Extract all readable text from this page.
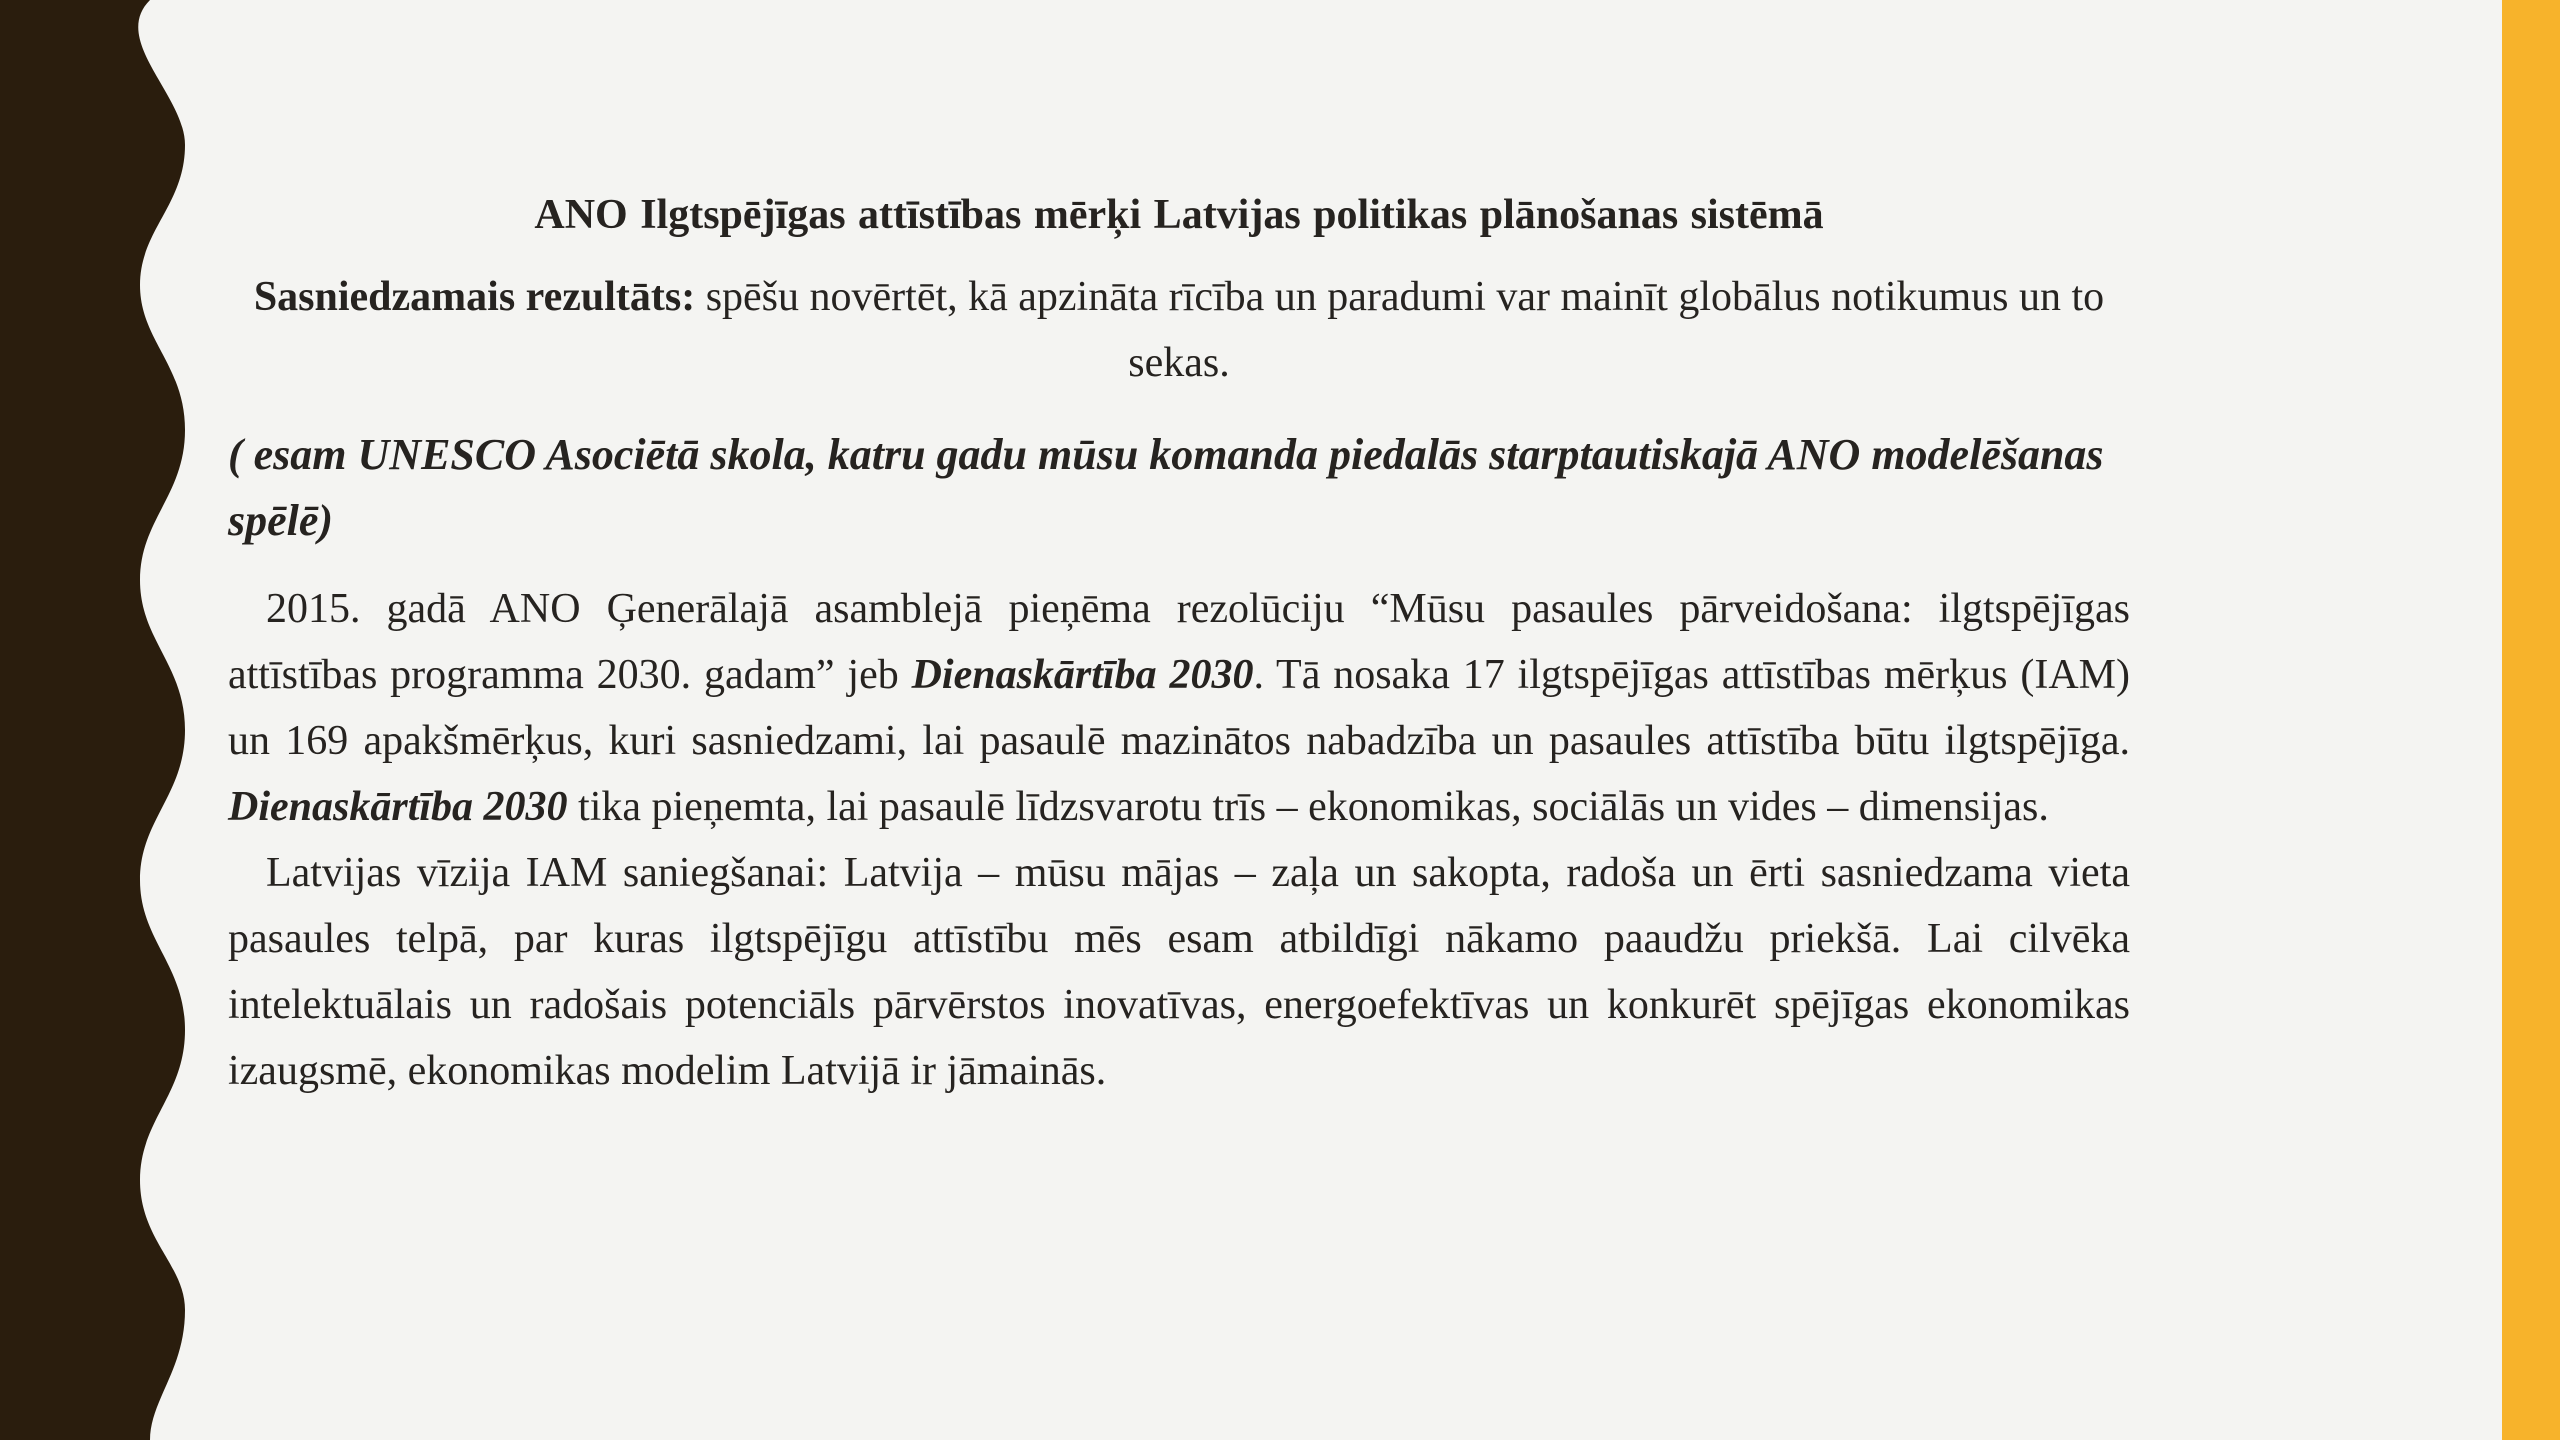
ANO Ilgtspējīgas attīstības mērķi Latvijas politikas plānošanas sistēmā
Sasniedzamais rezultāts: spēšu novērtēt, kā apzināta rīcība un paradumi var mainīt globālus notikumus un to sekas.
( esam UNESCO Asociētā skola, katru gadu mūsu komanda piedalās starptautiskajā ANO modelēšanas spēlē)

2015. gadā ANO Ģenerālajā asamblejā pieņēma rezolūciju “Mūsu pasaules pārveidošana: ilgtspējīgas attīstības programma 2030. gadam” jeb Dienaskārtība 2030. Tā nosaka 17 ilgtspējīgas attīstības mērķus (IAM) un 169 apakšmērķus, kuri sasniedzami, lai pasaulē mazinātos nabadzība un pasaules attīstība būtu ilgtspējīga. Dienaskārtība 2030 tika pieņemta, lai pasaulē līdzsvarotu trīs – ekonomikas, sociālās un vides – dimensijas.

Latvijas vīzija IAM saniegšanai: Latvija – mūsu mājas – zaļa un sakopta, radoša un ērti sasniedzama vieta pasaules telpā, par kuras ilgtspējīgu attīstību mēs esam atbildīgi nākamo paaudžu priekšā. Lai cilvēka intelektuālais un radošais potenciāls pārvērstos inovatīvas, energoefektīvas un konkurēt spējīgas ekonomikas izaugsmē, ekonomikas modelim Latvijā ir jāmainās.
